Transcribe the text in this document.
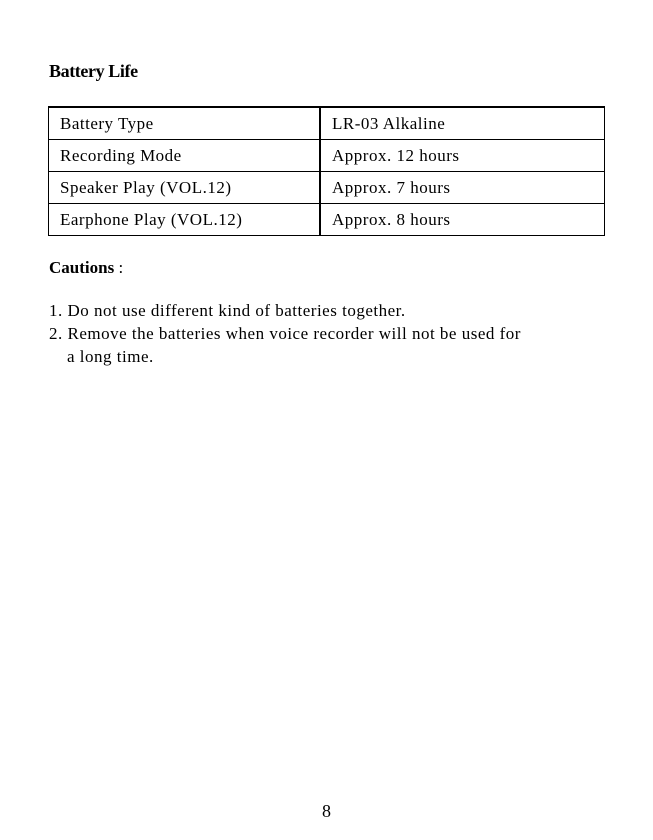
Battery Life
Battery Type	LR-03 Alkaline
Recording Mode	Approx. 12 hours
Speaker Play (VOL.12)	Approx. 7 hours
Earphone Play (VOL.12)	Approx. 8 hours

Cautions :

1. Do not use different kind of batteries together.
2. Remove the batteries when voice recorder will not be used for
a long time.
8
